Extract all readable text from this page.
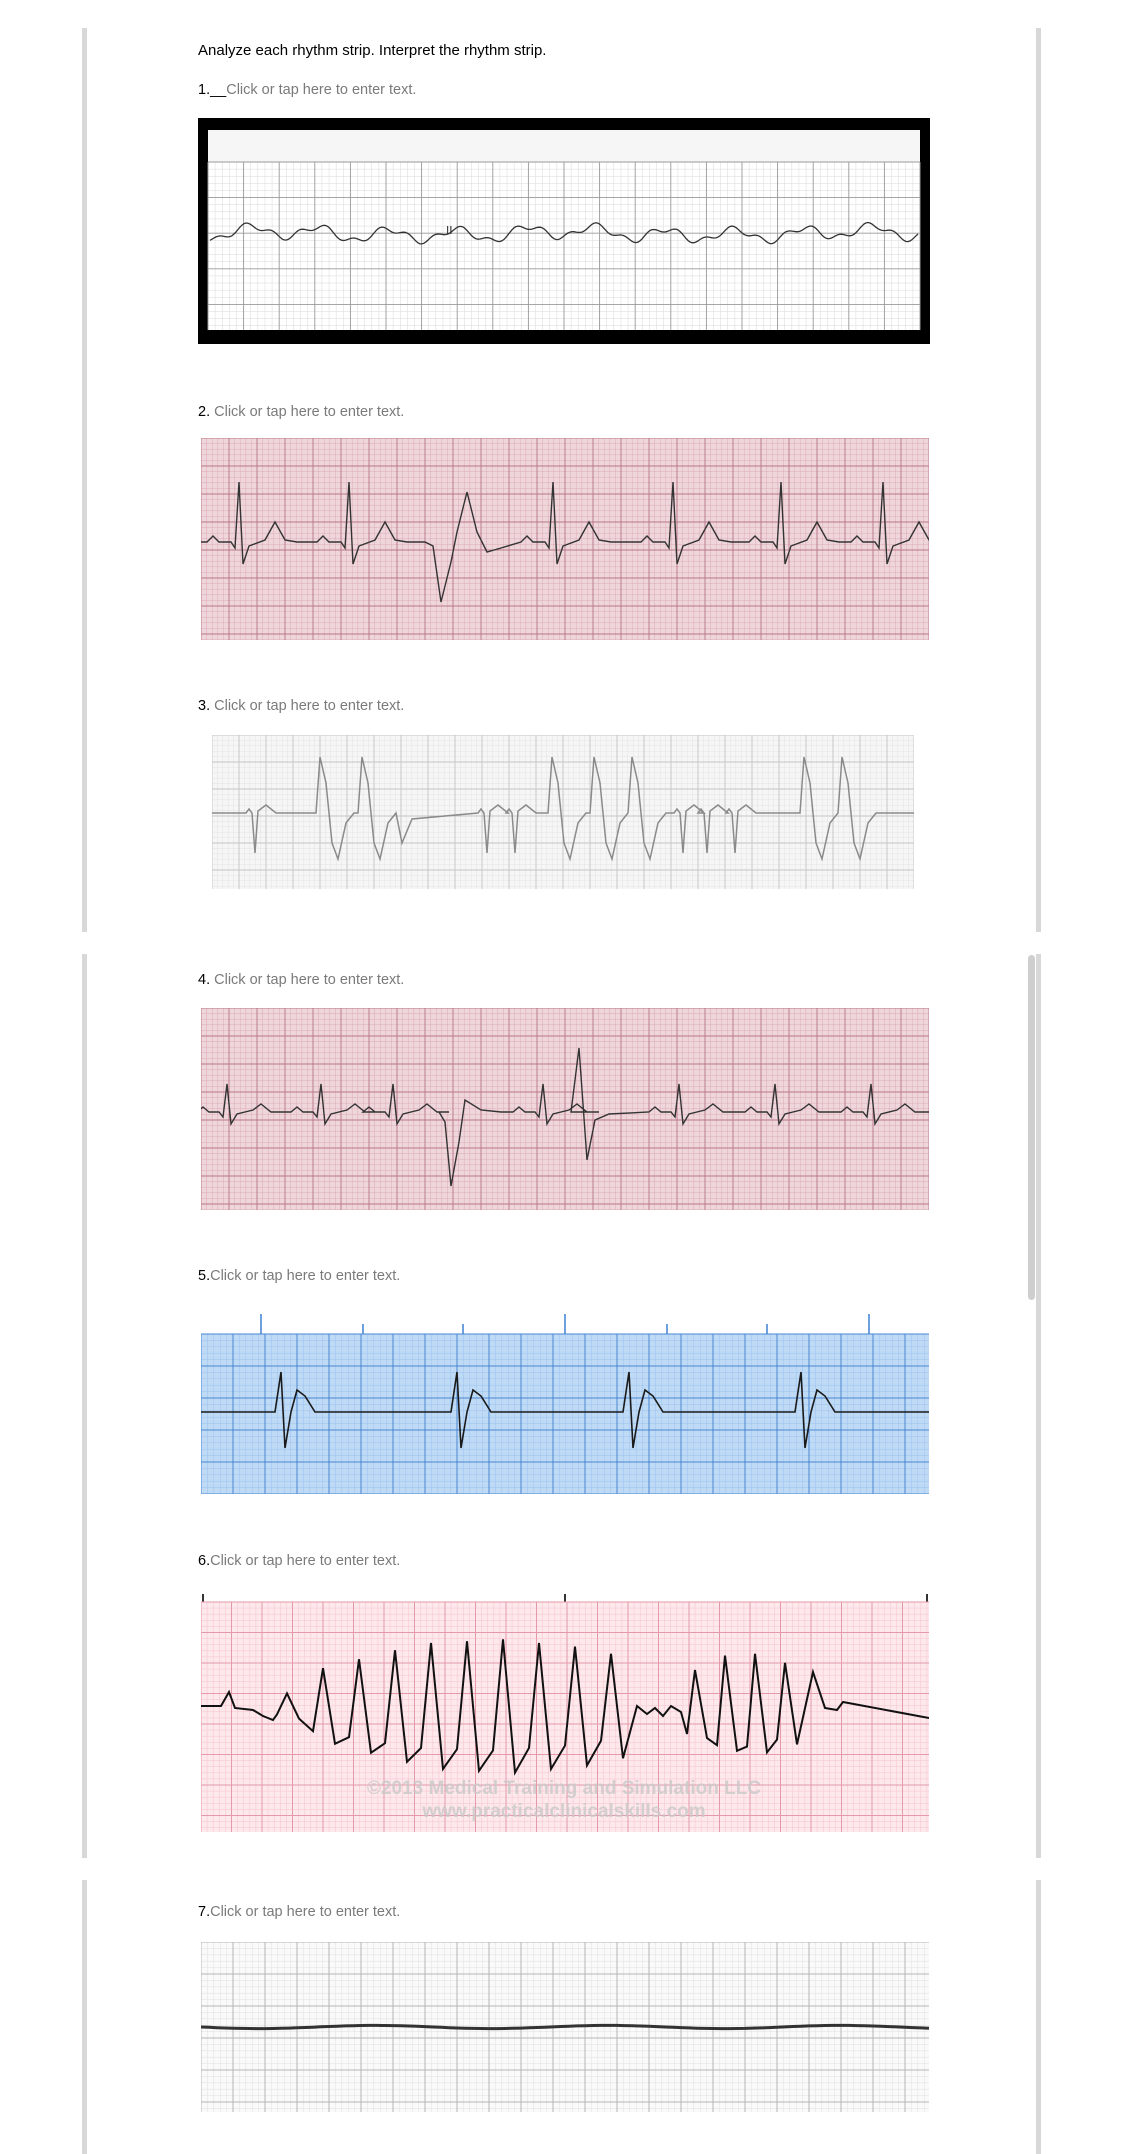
Analyze each rhythm strip. Interpret the rhythm strip.
1.__Click or tap here to enter text.
II
2. Click or tap here to enter text.
3. Click or tap here to enter text.
4. Click or tap here to enter text.
5.Click or tap here to enter text.
6.Click or tap here to enter text.
©2013 Medical Training and Simulation LLC
www.practicalclinicalskills.com
7.Click or tap here to enter text.
